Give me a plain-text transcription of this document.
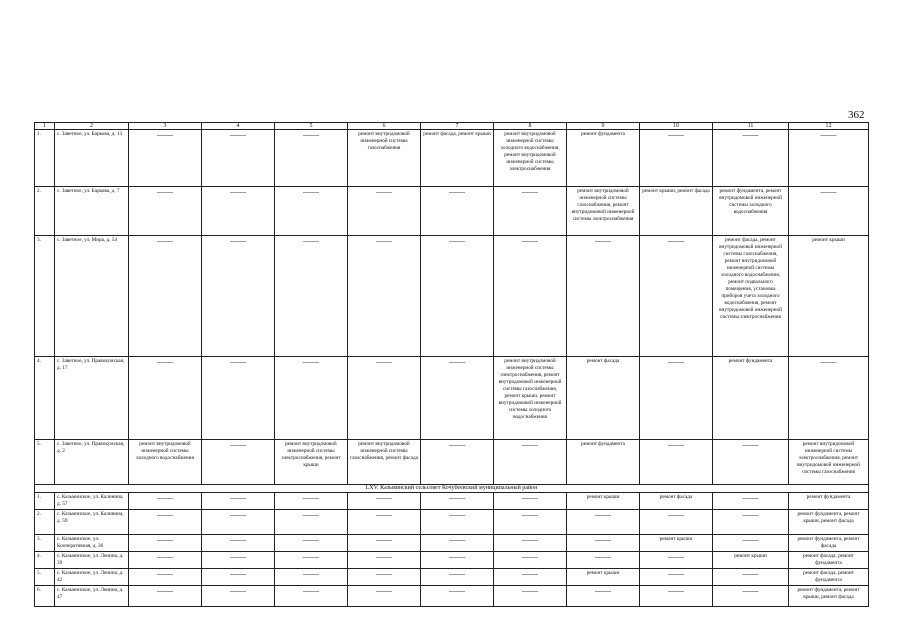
362
1	2	3	4	5	6	7	8	9	10	11	12
1.	с. Заветное, ул. Баркова, д. 13	——	——	——	ремонт внутридомовой инженерной системы газоснабжения	ремонт фасада, ремонт крыши	ремонт внутридомовой инженерной системы холодного водоснабжения, ремонт внутридомовой инженерной системы электроснабжения	ремонт фундамента	——	——	——
2.	с. Заветное, ул. Баркова, д. 7	——	——	——	——	——	——	ремонт внутридомовой инженерной системы газоснабжения, ремонт внутридомовой инженерной системы электроснабжения	ремонт крыши, ремонт фасада	ремонт фундамента, ремонт внутридомовой инженерной системы холодного водоснабжения	——
3.	с. Заветное, ул. Мира, д. 54	——	——	——	——	——	——	——	——	ремонт фасада, ремонт внутридомовой инженерной системы газоснабжения, ремонт внутридомовой инженерной системы холодного водоснабжения, ремонт подвального помещения, установка приборов учета холодного водоснабжения, ремонт внутридомовой инженерной системы электроснабжения	ремонт крыши
4.	с. Заветное, ул. Правокумская, д. 17	——	——	——	——	——	ремонт внутридомовой инженерной системы электроснабжения, ремонт внутридомовой инженерной системы газоснабжения, ремонт крыши, ремонт внутридомовой инженерной системы холодного водоснабжения	ремонт фасада	——	ремонт фундамента	——
5.	с. Заветное, ул. Правокумская, д. 2	ремонт внутридомовой инженерной системы холодного водоснабжения	——	ремонт внутридомовой инженерной системы электроснабжения, ремонт крыши	ремонт внутридомовой инженерной системы газоснабжения, ремонт фасада	——	——	ремонт фундамента	——	——	ремонт внутридомовой инженерной системы электроснабжения, ремонт внутридомовой инженерной системы газоснабжения
LXV. Казьминский сельсовет Кочубеевский муниципальный район											
1.	с. Казьминское, ул. Калинина, д. 57	——	——	——	——	——	——	ремонт крыши	ремонт фасада	——	ремонт фундамента
2.	с. Казьминское, ул. Калинина, д. 59	——	——	——	——	——	——	——	——	——	ремонт фундамента, ремонт крыши, ремонт фасада
3.	с. Казьминское, ул. Кооперативная, д. 36	——	——	——	——	——	——	——	ремонт крыши	——	ремонт фундамента, ремонт фасада
4.	с. Казьминское, ул. Ленина, д. 39	——	——	——	——	——	——	——	——	ремонт крыши	ремонт фасада, ремонт фундамента
5.	с. Казьминское, ул. Ленина, д. 42	——	——	——	——	——	——	ремонт крыши	——	——	ремонт фасада, ремонт фундамента
6.	с. Казьминское, ул. Ленина, д. 47	——	——	——	——	——	——	——	——	——	ремонт фундамента, ремонт крыши, ремонт фасада
